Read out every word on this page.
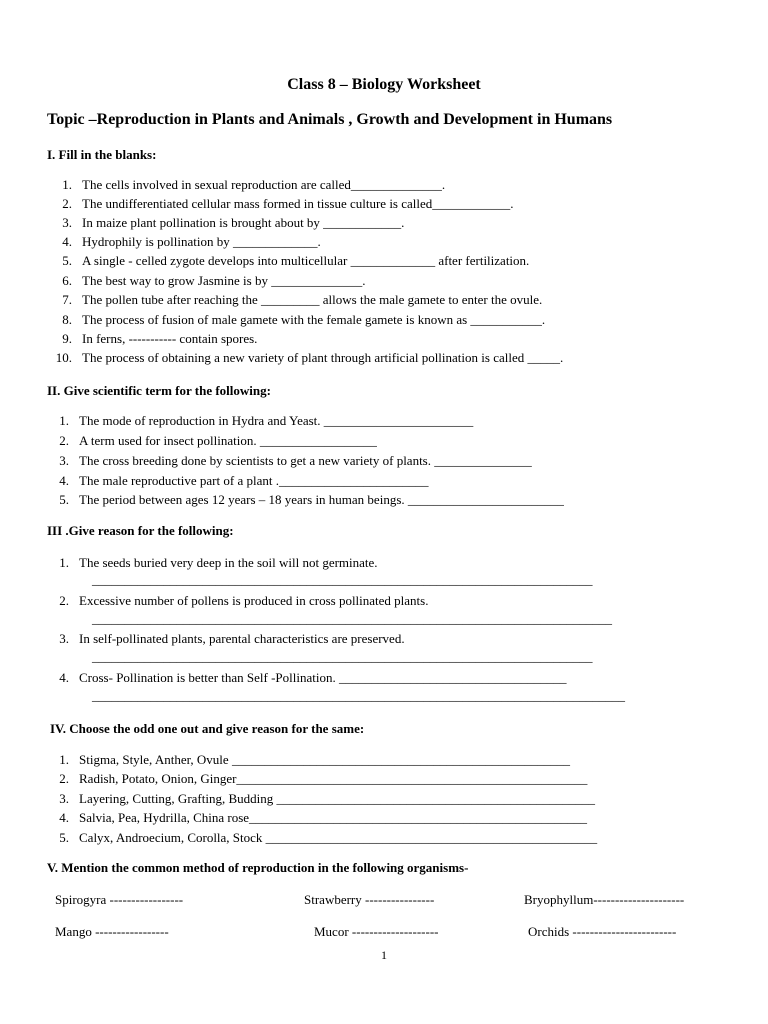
Class 8 – Biology Worksheet
Topic –Reproduction in Plants and Animals , Growth and Development in Humans
I. Fill in the blanks:
1. The cells involved in sexual reproduction are called______________.
2. The undifferentiated cellular mass formed in tissue culture is called____________.
3. In maize plant pollination is brought about by ____________.
4. Hydrophily is pollination by _____________.
5. A single - celled zygote develops into multicellular _____________ after fertilization.
6. The best way to grow Jasmine is by ______________.
7. The pollen tube after reaching the _________ allows the male gamete to enter the ovule.
8. The process of fusion of male gamete with the female gamete is known as ___________.
9. In ferns, ----------- contain spores.
10. The process of obtaining a new variety of plant through artificial pollination is called _____.
II. Give scientific term for the following:
1. The mode of reproduction in Hydra and Yeast. _______________________
2. A term used for insect pollination. __________________
3. The cross breeding done by scientists to get a new variety of plants. _______________
4. The male reproductive part of a plant ._______________________
5. The period between ages 12 years – 18 years in human beings. ________________________
III .Give reason for the following:
1. The seeds buried very deep in the soil will not germinate.
_____________________________________________________________________________
2. Excessive number of pollens is produced in cross pollinated plants.
________________________________________________________________________________
3. In self-pollinated plants, parental characteristics are preserved.
_____________________________________________________________________________
4. Cross- Pollination is better than Self -Pollination. ___________________________________
__________________________________________________________________________________
IV. Choose the odd one out and give reason for the same:
1. Stigma, Style, Anther, Ovule ____________________________________________________
2. Radish, Potato, Onion, Ginger______________________________________________________
3. Layering, Cutting, Grafting, Budding _________________________________________________
4. Salvia, Pea, Hydrilla, China rose____________________________________________________
5. Calyx, Androecium, Corolla, Stock ___________________________________________________
V. Mention the common method of reproduction in the following organisms-
Spirogyra -----------------	Strawberry ----------------	Bryophyllum---------------------
Mango -----------------	Mucor --------------------	Orchids ------------------------
1
